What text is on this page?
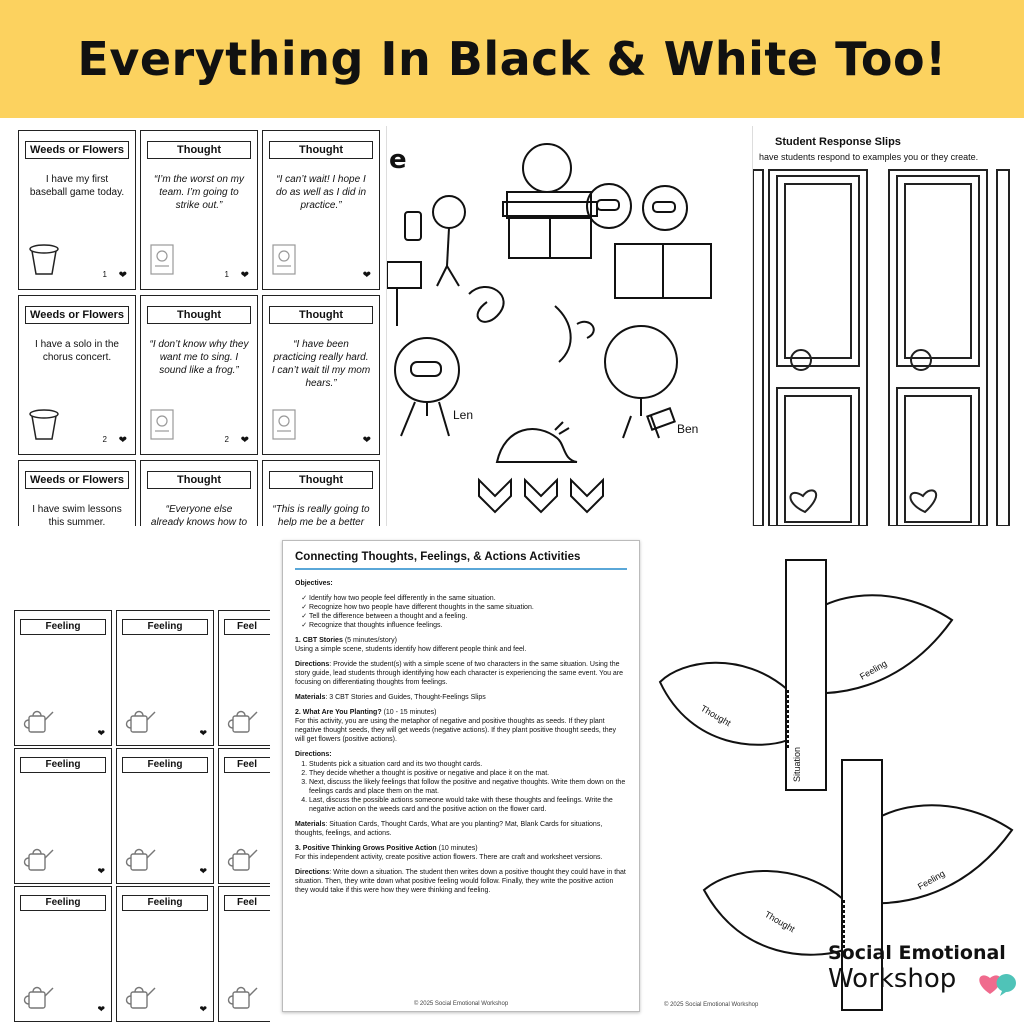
Everything In Black & White Too!
Weeds or Flowers
I have my first baseball game today.
1 ❤
Thought
“I’m the worst on my team. I’m going to strike out.”
1 ❤
Thought
“I can’t wait! I hope I do as well as I did in practice.”
❤
Weeds or Flowers
I have a solo in the chorus concert.
2 ❤
Thought
“I don’t know why they want me to sing. I sound like a frog.”
2 ❤
Thought
“I have been practicing really hard. I can’t wait til my mom hears.”
❤
Weeds or Flowers
I have swim lessons this summer.
Thought
“Everyone else already knows how to
Thought
“This is really going to help me be a better
e
Len
Ben
Student Response Slips
have students respond to examples you or they create.
Feeling
❤
Feeling
❤
Feel
Feeling
❤
Feeling
❤
Feel
Feeling
❤
Feeling
❤
Feel
Connecting Thoughts, Feelings, & Actions Activities

Objectives:

✓ Identify how two people feel differently in the same situation.
✓ Recognize how two people have different thoughts in the same situation.
✓ Tell the difference between a thought and a feeling.
✓ Recognize that thoughts influence feelings.

1. CBT Stories (5 minutes/story)
Using a simple scene, students identify how different people think and feel.

Directions: Provide the student(s) with a simple scene of two characters in the same situation. Using the story guide, lead students through identifying how each character is experiencing the same event. You are focusing on differentiating thoughts from feelings.

Materials: 3 CBT Stories and Guides, Thought-Feelings Slips

2. What Are You Planting? (10 - 15 minutes)
For this activity, you are using the metaphor of negative and positive thoughts as seeds. If they plant negative thought seeds, they will get weeds (negative actions). If they plant positive thought seeds, they will get flowers (positive actions).

Directions:

1. Students pick a situation card and its two thought cards.
2. They decide whether a thought is positive or negative and place it on the mat.
3. Next, discuss the likely feelings that follow the positive and negative thoughts. Write them down on the feelings cards and place them on the mat.
4. Last, discuss the possible actions someone would take with these thoughts and feelings. Write the negative action on the weeds card and the positive action on the flower card.

Materials: Situation Cards, Thought Cards, What are you planting? Mat, Blank Cards for situations, thoughts, feelings, and actions.

3. Positive Thinking Grows Positive Action (10 minutes)
For this independent activity, create positive action flowers. There are craft and worksheet versions.

Directions: Write down a situation. The student then writes down a positive thought they could have in that situation. Then, they write down what positive feeling would follow. Finally, they write the positive action they would take if this were how they were thinking and feeling.

© 2025 Social Emotional Workshop
Situation
Feeling
Thought
Feeling
Thought
© 2025 Social Emotional Workshop
Social Emotional
Workshop
